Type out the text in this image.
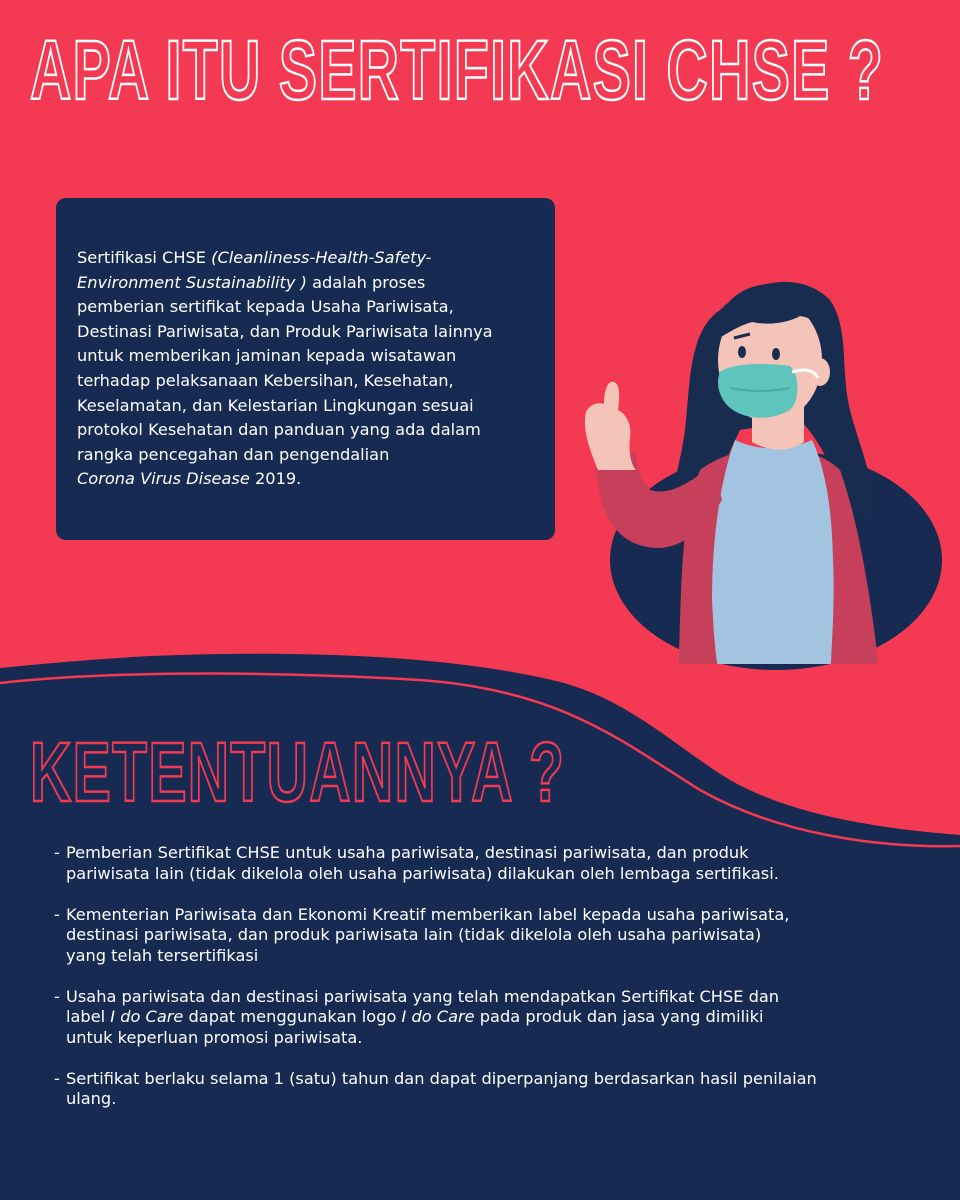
APA ITU SERTIFIKASI CHSE ?

Sertifikasi CHSE (Cleanliness-Health-Safety-
Environment Sustainability ) adalah proses
pemberian sertifikat kepada Usaha Pariwisata,
Destinasi Pariwisata, dan Produk Pariwisata lainnya
untuk memberikan jaminan kepada wisatawan
terhadap pelaksanaan Kebersihan, Kesehatan,
Keselamatan, dan Kelestarian Lingkungan sesuai
protokol Kesehatan dan panduan yang ada dalam
rangka pencegahan dan pengendalian
Corona Virus Disease 2019.

KETENTUANNYA ?
- Pemberian Sertifikat CHSE untuk usaha pariwisata, destinasi pariwisata, dan produk
pariwisata lain (tidak dikelola oleh usaha pariwisata) dilakukan oleh lembaga sertifikasi.
- Kementerian Pariwisata dan Ekonomi Kreatif memberikan label kepada usaha pariwisata,
destinasi pariwisata, dan produk pariwisata lain (tidak dikelola oleh usaha pariwisata)
yang telah tersertifikasi
- Usaha pariwisata dan destinasi pariwisata yang telah mendapatkan Sertifikat CHSE dan
label I do Care dapat menggunakan logo I do Care pada produk dan jasa yang dimiliki
untuk keperluan promosi pariwisata.
- Sertifikat berlaku selama 1 (satu) tahun dan dapat diperpanjang berdasarkan hasil penilaian
ulang.
